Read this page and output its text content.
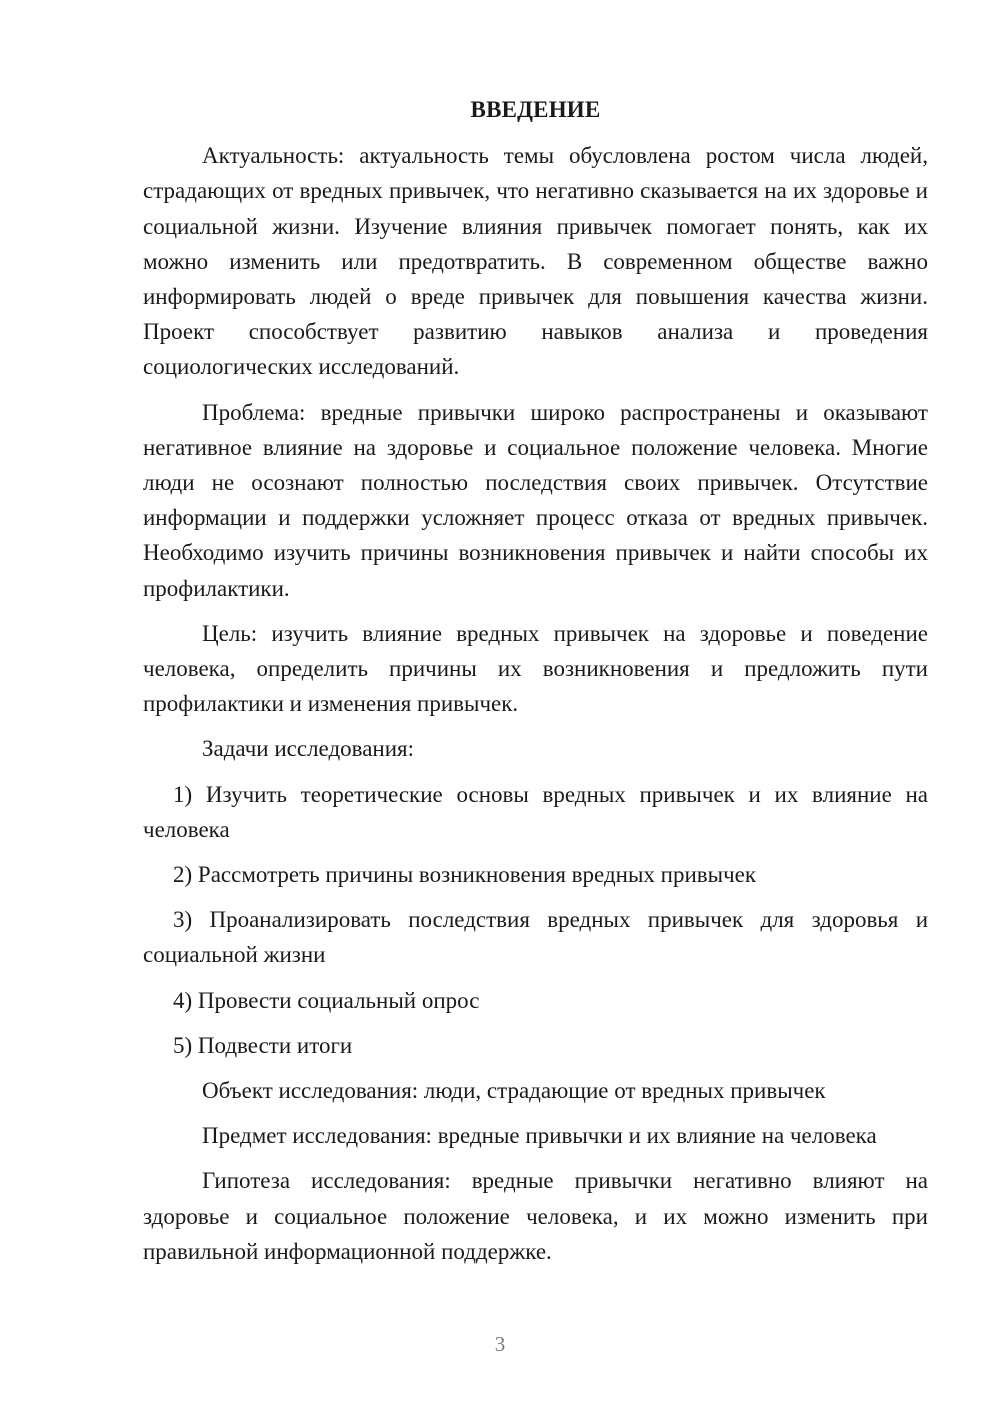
ВВЕДЕНИЕ

Актуальность: актуальность темы обусловлена ростом числа людей, страдающих от вредных привычек, что негативно сказывается на их здоровье и социальной жизни. Изучение влияния привычек помогает понять, как их можно изменить или предотвратить. В современном обществе важно информировать людей о вреде привычек для повышения качества жизни. Проект способствует развитию навыков анализа и проведения социологических исследований.

Проблема: вредные привычки широко распространены и оказывают негативное влияние на здоровье и социальное положение человека. Многие люди не осознают полностью последствия своих привычек. Отсутствие информации и поддержки усложняет процесс отказа от вредных привычек. Необходимо изучить причины возникновения привычек и найти способы их профилактики.

Цель: изучить влияние вредных привычек на здоровье и поведение человека, определить причины их возникновения и предложить пути профилактики и изменения привычек.

Задачи исследования:

1) Изучить теоретические основы вредных привычек и их влияние на человека

2) Рассмотреть причины возникновения вредных привычек

3) Проанализировать последствия вредных привычек для здоровья и социальной жизни

4) Провести социальный опрос

5) Подвести итоги

Объект исследования: люди, страдающие от вредных привычек

Предмет исследования: вредные привычки и их влияние на человека

Гипотеза исследования: вредные привычки негативно влияют на здоровье и социальное положение человека, и их можно изменить при правильной информационной поддержке.

3
